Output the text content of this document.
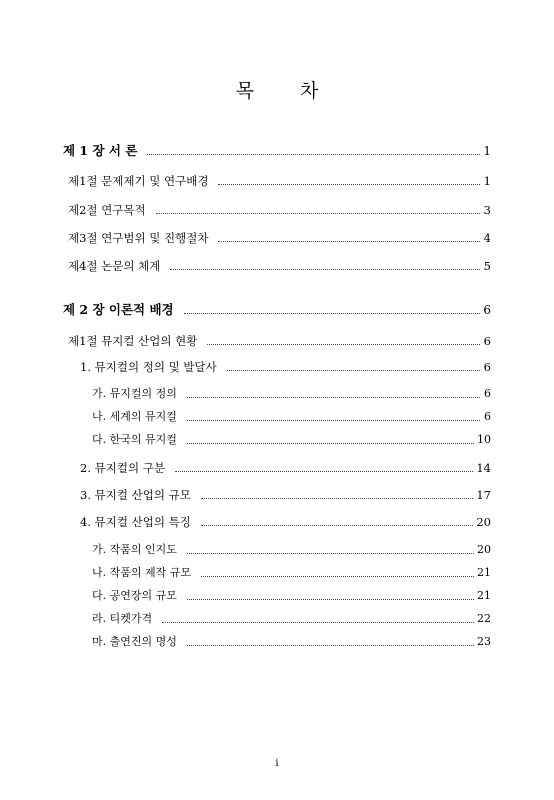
목 차
제 1 장 서 론	1
제1절 문제제기 및 연구배경	1
제2절 연구목적	3
제3절 연구범위 및 진행절차	4
제4절 논문의 체계	5
제 2 장 이론적 배경	6
제1절 뮤지컬 산업의 현황	6
1. 뮤지컬의 정의 및 발달사	6
가. 뮤지컬의 정의	6
나. 세계의 뮤지컬	6
다. 한국의 뮤지컬	10
2. 뮤지컬의 구분	14
3. 뮤지컬 산업의 규모	17
4. 뮤지컬 산업의 특징	20
가. 작품의 인지도	20
나. 작품의 제작 규모	21
다. 공연장의 규모	21
라. 티켓가격	22
마. 출연진의 명성	23
i
